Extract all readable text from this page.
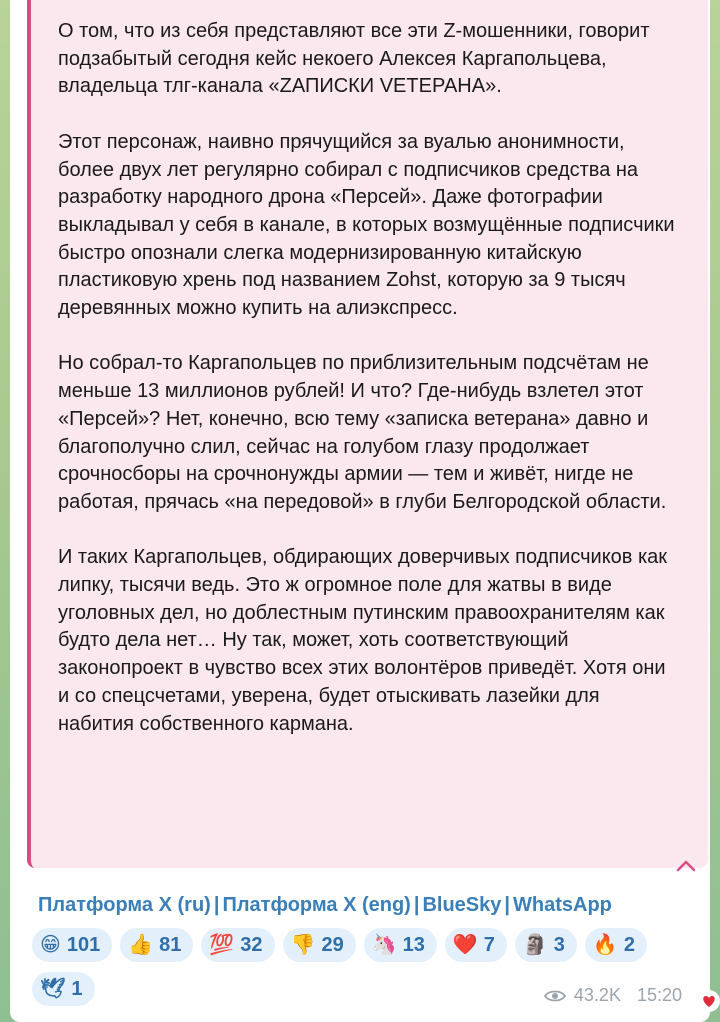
О том, что из себя представляют все эти Z‑мошенники, говорит подзабытый сегодня кейс некоего Алексея Каргапольцева, владельца тлг‑канала «ZАПИСКИ VЕТЕРАНА».

Этот персонаж, наивно прячущийся за вуалью анонимности, более двух лет регулярно собирал с подписчиков средства на разработку народного дрона «Персей». Даже фотографии выкладывал у себя в канале, в которых возмущённые подписчики быстро опознали слегка модернизированную китайскую пластиковую хрень под названием Zohst, которую за 9 тысяч деревянных можно купить на алиэкспресс.

Но собрал‑то Каргапольцев по приблизительным подсчётам не меньше 13 миллионов рублей! И что? Где‑нибудь взлетел этот «Персей»? Нет, конечно, всю тему «записка ветерана» давно и благополучно слил, сейчас на голубом глазу продолжает срочносборы на срочнонужды армии — тем и живёт, нигде не работая, прячась «на передовой» в глуби Белгородской области.

И таких Каргапольцев, обдирающих доверчивых подписчиков как липку, тысячи ведь. Это ж огромное поле для жатвы в виде уголовных дел, но доблестным путинским правоохранителям как будто дела нет… Ну так, может, хоть соответствующий законопроект в чувство всех этих волонтёров приведёт. Хотя они и со спецсчетами, уверена, будет отыскивать лазейки для набития собственного кармана.

Платформа X (ru) | Платформа X (eng) | BlueSky | WhatsApp
😁 101 👍 81 💯 32 👎 29 🦄 13 ❤️ 7 🗿 3 🔥 2
🕊 1	43.2K 15:20
